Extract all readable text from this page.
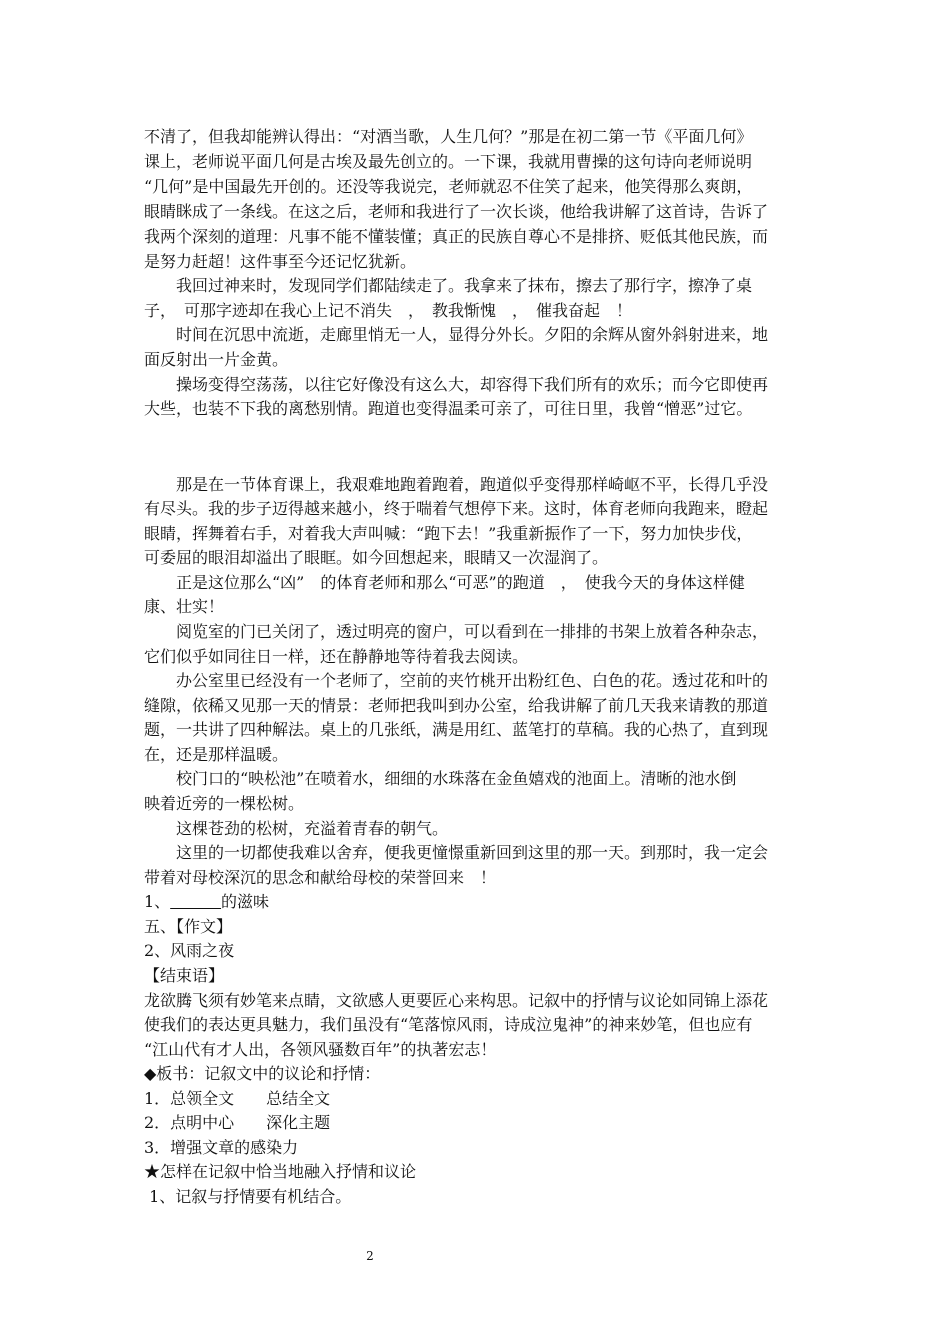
不清了，但我却能辨认得出：“对酒当歌，人生几何？”那是在初二第一节《平面几何》
课上，老师说平面几何是古埃及最先创立的。一下课，我就用曹操的这句诗向老师说明
“几何”是中国最先开创的。还没等我说完，老师就忍不住笑了起来，他笑得那么爽朗，
眼睛眯成了一条线。在这之后，老师和我进行了一次长谈，他给我讲解了这首诗，告诉了
我两个深刻的道理：凡事不能不懂装懂；真正的民族自尊心不是排挤、贬低其他民族，而
是努力赶超！这件事至今还记忆犹新。
　　我回过神来时，发现同学们都陆续走了。我拿来了抹布，擦去了那行字，擦净了桌
子，　可那字迹却在我心上记不消失　，　教我惭愧　，　催我奋起　！
　　时间在沉思中流逝，走廊里悄无一人，显得分外长。夕阳的余辉从窗外斜射进来，地
面反射出一片金黄。
　　操场变得空荡荡，以往它好像没有这么大，却容得下我们所有的欢乐；而今它即使再
大些，也装不下我的离愁别情。跑道也变得温柔可亲了，可往日里，我曾“憎恶”过它。
　　那是在一节体育课上，我艰难地跑着跑着，跑道似乎变得那样崎岖不平，长得几乎没
有尽头。我的步子迈得越来越小，终于喘着气想停下来。这时，体育老师向我跑来，瞪起
眼睛，挥舞着右手，对着我大声叫喊：“跑下去！”我重新振作了一下，努力加快步伐，
可委屈的眼泪却溢出了眼眶。如今回想起来，眼睛又一次湿润了。
　　正是这位那么“凶”　的体育老师和那么“可恶”的跑道　，　使我今天的身体这样健
康、壮实！
　　阅览室的门已关闭了，透过明亮的窗户，可以看到在一排排的书架上放着各种杂志，
它们似乎如同往日一样，还在静静地等待着我去阅读。
　　办公室里已经没有一个老师了，空前的夹竹桃开出粉红色、白色的花。透过花和叶的
缝隙，依稀又见那一天的情景：老师把我叫到办公室，给我讲解了前几天我来请教的那道
题，一共讲了四种解法。桌上的几张纸，满是用红、蓝笔打的草稿。我的心热了，直到现
在，还是那样温暖。
　　校门口的“映松池”在喷着水，细细的水珠落在金鱼嬉戏的池面上。清晰的池水倒
映着近旁的一棵松树。
　　这棵苍劲的松树，充溢着青春的朝气。
　　这里的一切都使我难以舍弃，便我更憧憬重新回到这里的那一天。到那时，我一定会
带着对母校深沉的思念和献给母校的荣誉回来　！
1、	的滋味
五、【作文】
2、风雨之夜
【结束语】
龙欲腾飞须有妙笔来点睛，文欲感人更要匠心来构思。记叙中的抒情与议论如同锦上添花
使我们的表达更具魅力，我们虽没有“笔落惊风雨，诗成泣鬼神”的神来妙笔，但也应有
“江山代有才人出，各领风骚数百年”的执著宏志！
◆板书：记叙文中的议论和抒情：
1．总领全文　　总结全文
2．点明中心　　深化主题
3．增强文章的感染力
★怎样在记叙中恰当地融入抒情和议论
1、记叙与抒情要有机结合。
2
